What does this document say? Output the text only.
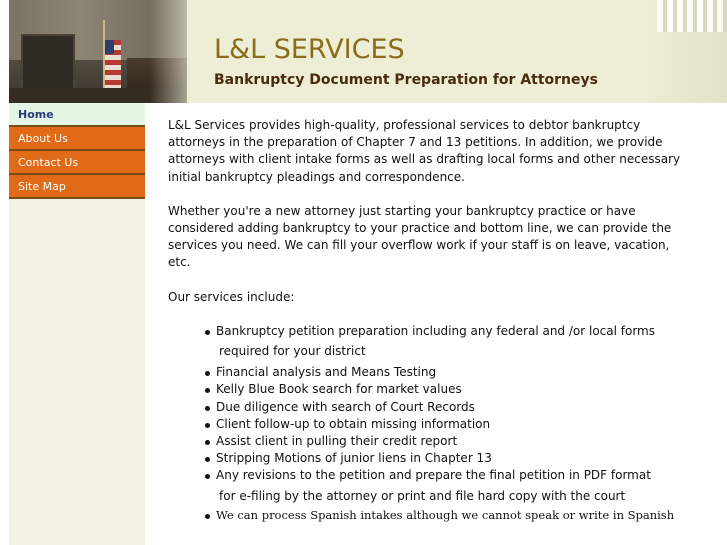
L&L SERVICES
Bankruptcy Document Preparation for Attorneys
Home
About Us
Contact Us
Site Map

L&L Services provides high-quality, professional services to debtor bankruptcy attorneys in the preparation of Chapter 7 and 13 petitions. In addition, we provide attorneys with client intake forms as well as drafting local forms and other necessary initial bankruptcy pleadings and correspondence.

Whether you're a new attorney just starting your bankruptcy practice or have considered adding bankruptcy to your practice and bottom line, we can provide the services you need. We can fill your overflow work if your staff is on leave, vacation, etc.

Our services include:

Bankruptcy petition preparation including any federal and /or local forms
required for your district
Financial analysis and Means Testing
Kelly Blue Book search for market values
Due diligence with search of Court Records
Client follow-up to obtain missing information
Assist client in pulling their credit report
Stripping Motions of junior liens in Chapter 13
Any revisions to the petition and prepare the final petition in PDF format
for e-filing by the attorney or print and file hard copy with the court
We can process Spanish intakes although we cannot speak or write in Spanish
